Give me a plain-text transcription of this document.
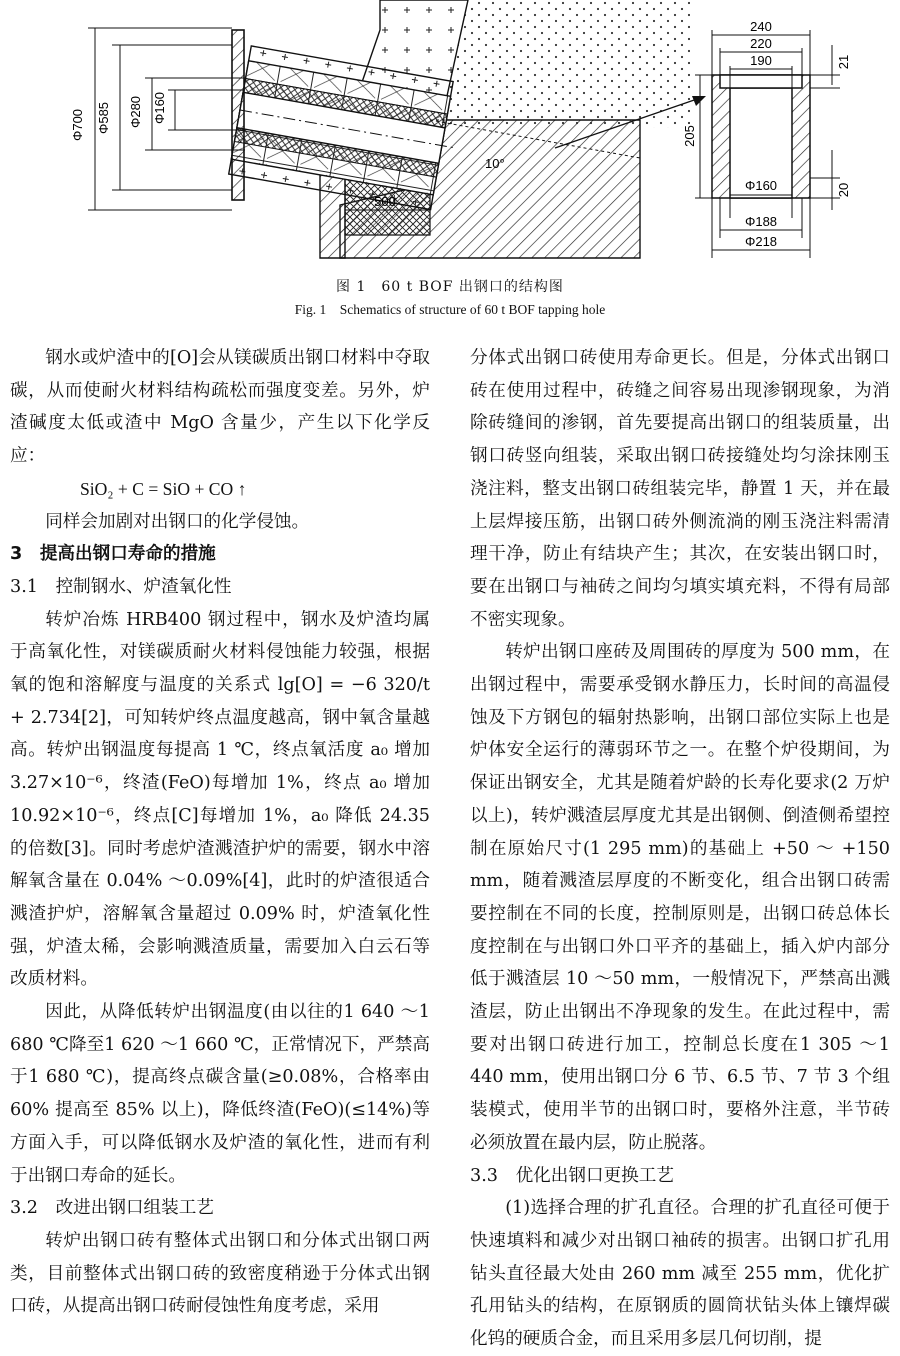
Φ700 Φ585 Φ280 Φ160
500
10°
240
220
190	21
205
20
Φ160
Φ188
Φ218
图 1　60 t BOF 出钢口的结构图
Fig. 1　Schematics of structure of 60 t BOF tapping hole

钢水或炉渣中的[O]会从镁碳质出钢口材料中夺取碳，从而使耐火材料结构疏松而强度变差。另外，炉渣碱度太低或渣中 MgO 含量少，产生以下化学反应：

SiO₂ + C = SiO + CO ↑

同样会加剧对出钢口的化学侵蚀。

3　提高出钢口寿命的措施
3.1　控制钢水、炉渣氧化性

转炉冶炼 HRB400 钢过程中，钢水及炉渣均属于高氧化性，对镁碳质耐火材料侵蚀能力较强，根据氧的饱和溶解度与温度的关系式 lg[O] = −6 320/t + 2.734[2]，可知转炉终点温度越高，钢中氧含量越高。转炉出钢温度每提高 1 ℃，终点氧活度 a₀ 增加3.27×10⁻⁶，终渣(FeO)每增加 1%，终点 a₀ 增加 10.92×10⁻⁶，终点[C]每增加 1%，a₀ 降低 24.35 的倍数[3]。同时考虑炉渣溅渣护炉的需要，钢水中溶解氧含量在 0.04% ～0.09%[4]，此时的炉渣很适合溅渣护炉，溶解氧含量超过 0.09% 时，炉渣氧化性强，炉渣太稀，会影响溅渣质量，需要加入白云石等改质材料。

因此，从降低转炉出钢温度(由以往的1 640 ～1 680 ℃降至1 620 ～1 660 ℃，正常情况下，严禁高于1 680 ℃)，提高终点碳含量(≥0.08%，合格率由60% 提高至 85% 以上)，降低终渣(FeO)(≤14%)等方面入手，可以降低钢水及炉渣的氧化性，进而有利于出钢口寿命的延长。

3.2　改进出钢口组装工艺

转炉出钢口砖有整体式出钢口和分体式出钢口两类，目前整体式出钢口砖的致密度稍逊于分体式出钢口砖，从提高出钢口砖耐侵蚀性角度考虑，采用

分体式出钢口砖使用寿命更长。但是，分体式出钢口砖在使用过程中，砖缝之间容易出现渗钢现象，为消除砖缝间的渗钢，首先要提高出钢口的组装质量，出钢口砖竖向组装，采取出钢口砖接缝处均匀涂抹刚玉浇注料，整支出钢口砖组装完毕，静置 1 天，并在最上层焊接压筋，出钢口砖外侧流淌的刚玉浇注料需清理干净，防止有结块产生；其次，在安装出钢口时，要在出钢口与袖砖之间均匀填实填充料，不得有局部不密实现象。

转炉出钢口座砖及周围砖的厚度为 500 mm，在出钢过程中，需要承受钢水静压力，长时间的高温侵蚀及下方钢包的辐射热影响，出钢口部位实际上也是炉体安全运行的薄弱环节之一。在整个炉役期间，为保证出钢安全，尤其是随着炉龄的长寿化要求(2 万炉以上)，转炉溅渣层厚度尤其是出钢侧、倒渣侧希望控制在原始尺寸(1 295 mm)的基础上 +50 ～ +150 mm，随着溅渣层厚度的不断变化，组合出钢口砖需要控制在不同的长度，控制原则是，出钢口砖总体长度控制在与出钢口外口平齐的基础上，插入炉内部分低于溅渣层 10 ～50 mm，一般情况下，严禁高出溅渣层，防止出钢出不净现象的发生。在此过程中，需要对出钢口砖进行加工，控制总长度在1 305 ～1 440 mm，使用出钢口分 6 节、6.5 节、7 节 3 个组装模式，使用半节的出钢口时，要格外注意，半节砖必须放置在最内层，防止脱落。

3.3　优化出钢口更换工艺

(1)选择合理的扩孔直径。合理的扩孔直径可便于快速填料和减少对出钢口袖砖的损害。出钢口扩孔用钻头直径最大处由 260 mm 减至 255 mm，优化扩孔用钻头的结构，在原钢质的圆筒状钻头体上镶焊碳化钨的硬质合金，而且采用多层几何切削，提
